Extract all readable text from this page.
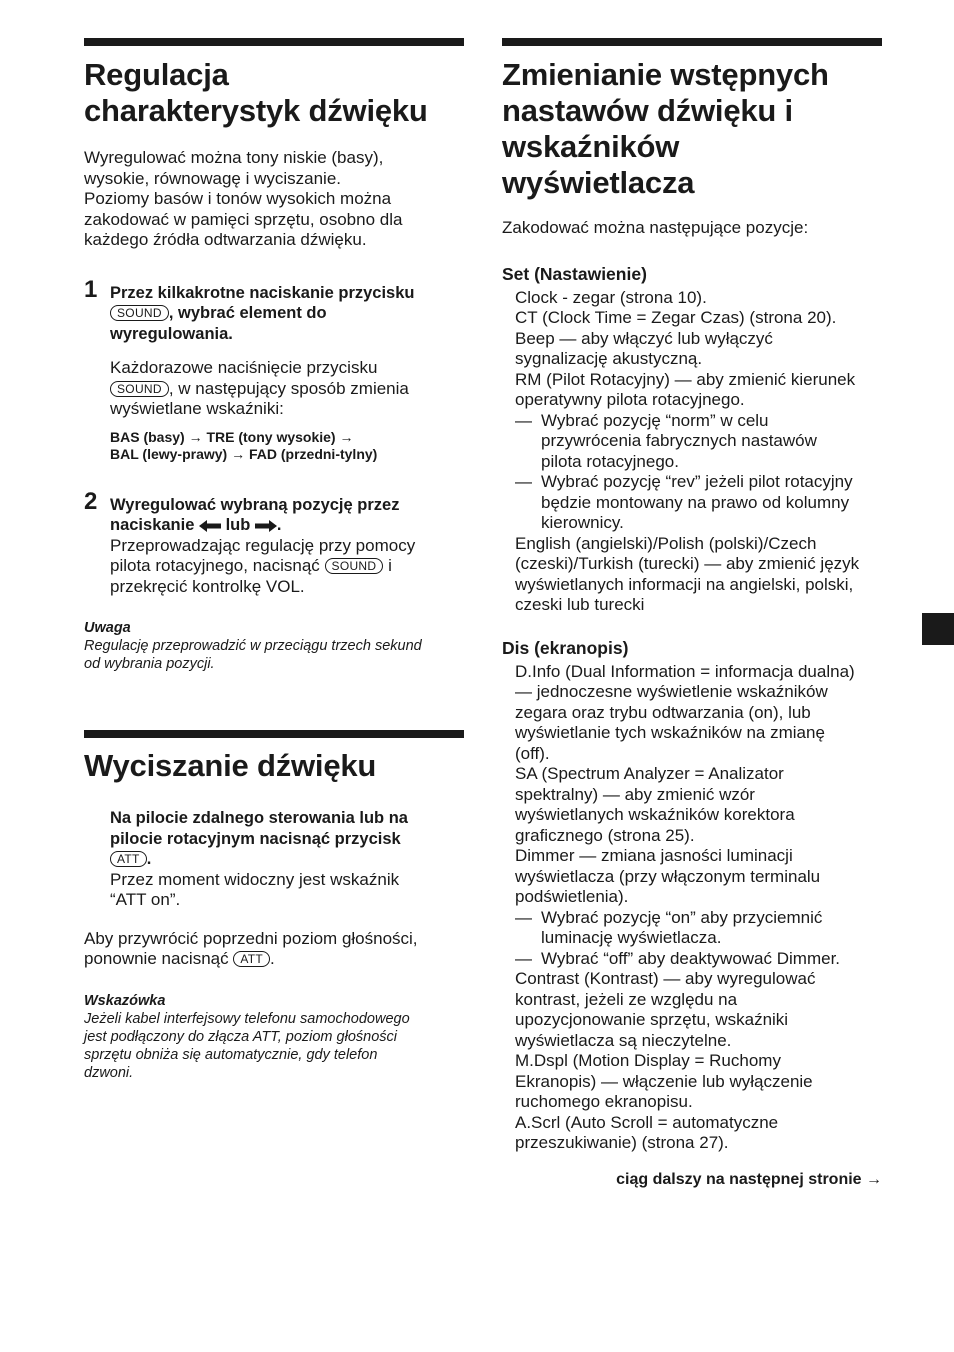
Regulacja
charakterystyk dźwięku
Wyregulować można tony niskie (basy),
wysokie, równowagę i wyciszanie.
Poziomy basów i tonów wysokich można
zakodować w pamięci sprzętu, osobno dla
każdego źródła odtwarzania dźwięku.
1 Przez kilkakrotne naciskanie przycisku
SOUND , wybrać element do
wyregulowania.
Każdorazowe naciśnięcie przycisku
SOUND , w następujący sposób zmienia
wyświetlane wskaźniki:
BAS (basy) → TRE (tony wysokie) →
BAL (lewy-prawy) → FAD (przedni-tylny)
2 Wyregulować wybraną pozycję przez
naciskanie lub .
Przeprowadzając regulację przy pomocy
pilota rotacyjnego, nacisnąć SOUND i
przekręcić kontrolkę VOL.
Uwaga
Regulację przeprowadzić w przeciągu trzech sekund
od wybrania pozycji.
Wyciszanie dźwięku
Na pilocie zdalnego sterowania lub na
pilocie rotacyjnym nacisnąć przycisk
ATT .
Przez moment widoczny jest wskaźnik
“ATT on”.
Aby przywrócić poprzedni poziom głośności,
ponownie nacisnąć ATT .
Wskazówka
Jeżeli kabel interfejsowy telefonu samochodowego
jest podłączony do złącza ATT, poziom głośności
sprzętu obniża się automatycznie, gdy telefon
dzwoni.
Zmienianie wstępnych
nastawów dźwięku i
wskaźników
wyświetlacza
Zakodować można następujące pozycje:
Set (Nastawienie)
Clock - zegar (strona 10).
CT (Clock Time = Zegar Czas) (strona 20).
Beep — aby włączyć lub wyłączyć
sygnalizację akustyczną.
RM (Pilot Rotacyjny) — aby zmienić kierunek
operatywny pilota rotacyjnego.
— Wybrać pozycję “norm” w celu
przywrócenia fabrycznych nastawów
pilota rotacyjnego.
— Wybrać pozycję “rev” jeżeli pilot rotacyjny
będzie montowany na prawo od kolumny
kierownicy.
English (angielski)/Polish (polski)/Czech
(czeski)/Turkish (turecki) — aby zmienić język
wyświetlanych informacji na angielski, polski,
czeski lub turecki
Dis (ekranopis)
D.Info (Dual Information = informacja dualna)
— jednoczesne wyświetlenie wskaźników
zegara oraz trybu odtwarzania (on), lub
wyświetlanie tych wskaźników na zmianę
(off).
SA (Spectrum Analyzer = Analizator
spektralny) — aby zmienić wzór
wyświetlanych wskaźników korektora
graficznego (strona 25).
Dimmer — zmiana jasności luminacji
wyświetlacza (przy włączonym terminalu
podświetlenia).
— Wybrać pozycję “on” aby przyciemnić
luminację wyświetlacza.
— Wybrać “off” aby deaktywować Dimmer.
Contrast (Kontrast) — aby wyregulować
kontrast, jeżeli ze względu na
upozycjonowanie sprzętu, wskaźniki
wyświetlacza są nieczytelne.
M.Dspl (Motion Display = Ruchomy
Ekranopis) — włączenie lub wyłączenie
ruchomego ekranopisu.
A.Scrl (Auto Scroll = automatyczne
przeszukiwanie) (strona 27).
ciąg dalszy na następnej stronie →
